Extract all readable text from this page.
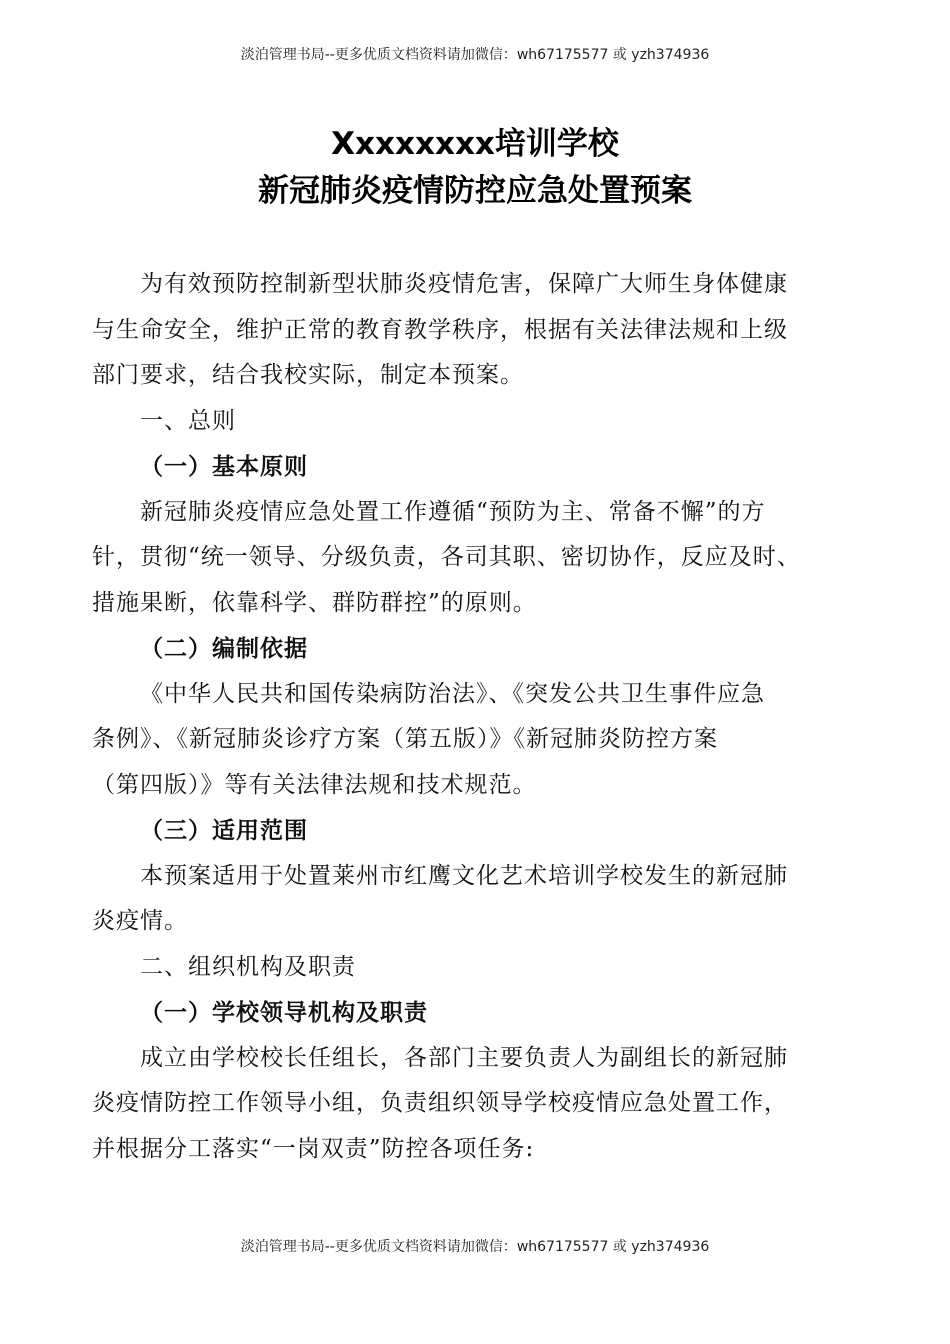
淡泊管理书局--更多优质文档资料请加微信：wh67175577 或 yzh374936
Xxxxxxxx培训学校
新冠肺炎疫情防控应急处置预案

为有效预防控制新型状肺炎疫情危害，保障广大师生身体健康

与生命安全，维护正常的教育教学秩序，根据有关法律法规和上级

部门要求，结合我校实际，制定本预案。

一、总则

（一）基本原则

新冠肺炎疫情应急处置工作遵循“预防为主、常备不懈”的方

针，贯彻“统一领导、分级负责，各司其职、密切协作，反应及时、

措施果断，依靠科学、群防群控”的原则。

（二）编制依据

《中华人民共和国传染病防治法》、《突发公共卫生事件应急

条例》、《新冠肺炎诊疗方案（第五版）》《新冠肺炎防控方案

（第四版）》等有关法律法规和技术规范。

（三）适用范围

本预案适用于处置莱州市红鹰文化艺术培训学校发生的新冠肺

炎疫情。

二、组织机构及职责

（一）学校领导机构及职责

成立由学校校长任组长，各部门主要负责人为副组长的新冠肺

炎疫情防控工作领导小组，负责组织领导学校疫情应急处置工作，

并根据分工落实“一岗双责”防控各项任务:

淡泊管理书局--更多优质文档资料请加微信：wh67175577 或 yzh374936
